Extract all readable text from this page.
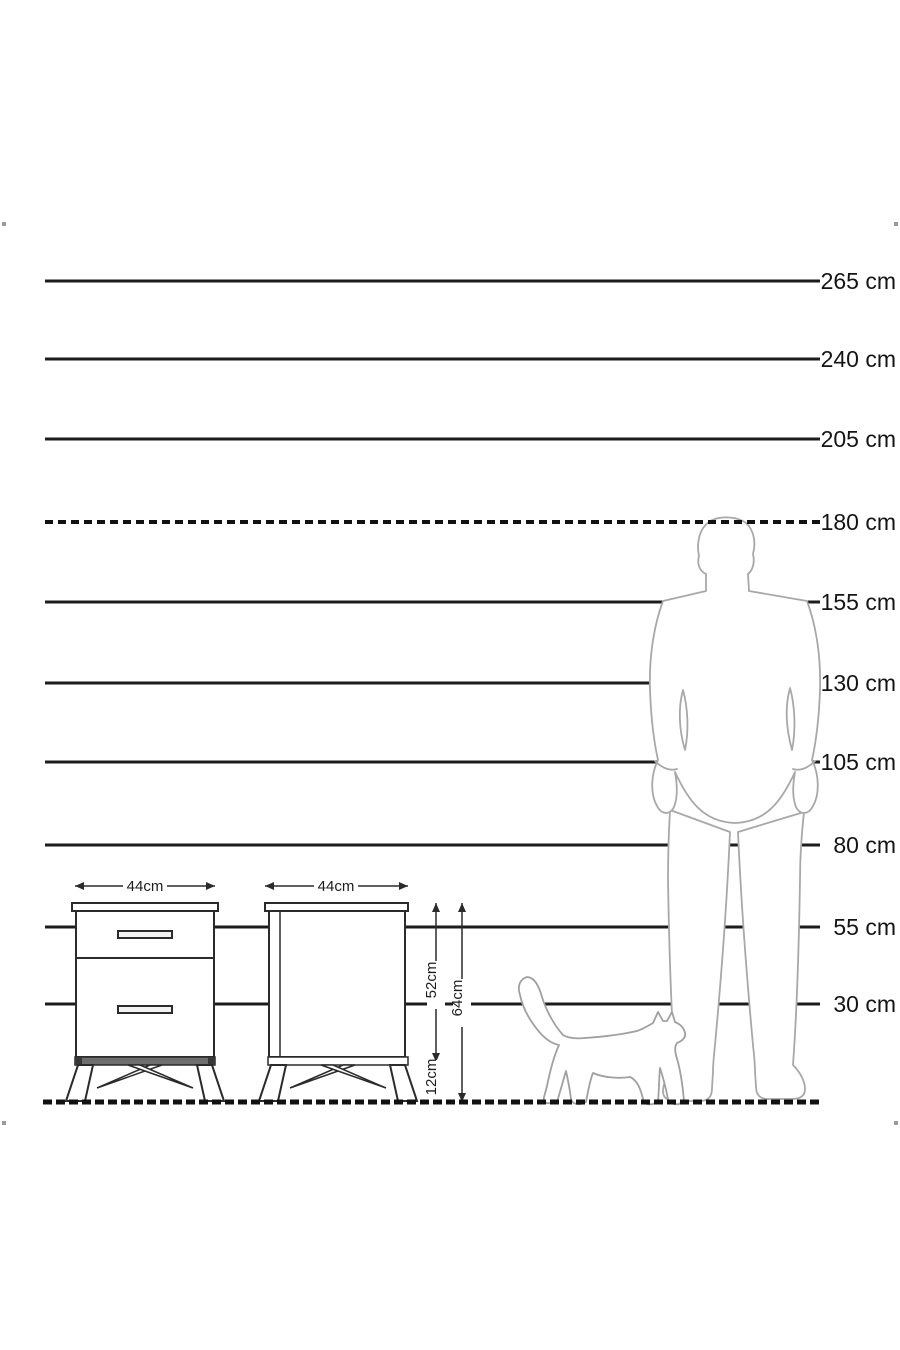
44cm	44cm
52cm
12cm
64cm
265 cm
240 cm
205 cm
180 cm
155 cm
130 cm
105 cm
80 cm
55 cm
30 cm
